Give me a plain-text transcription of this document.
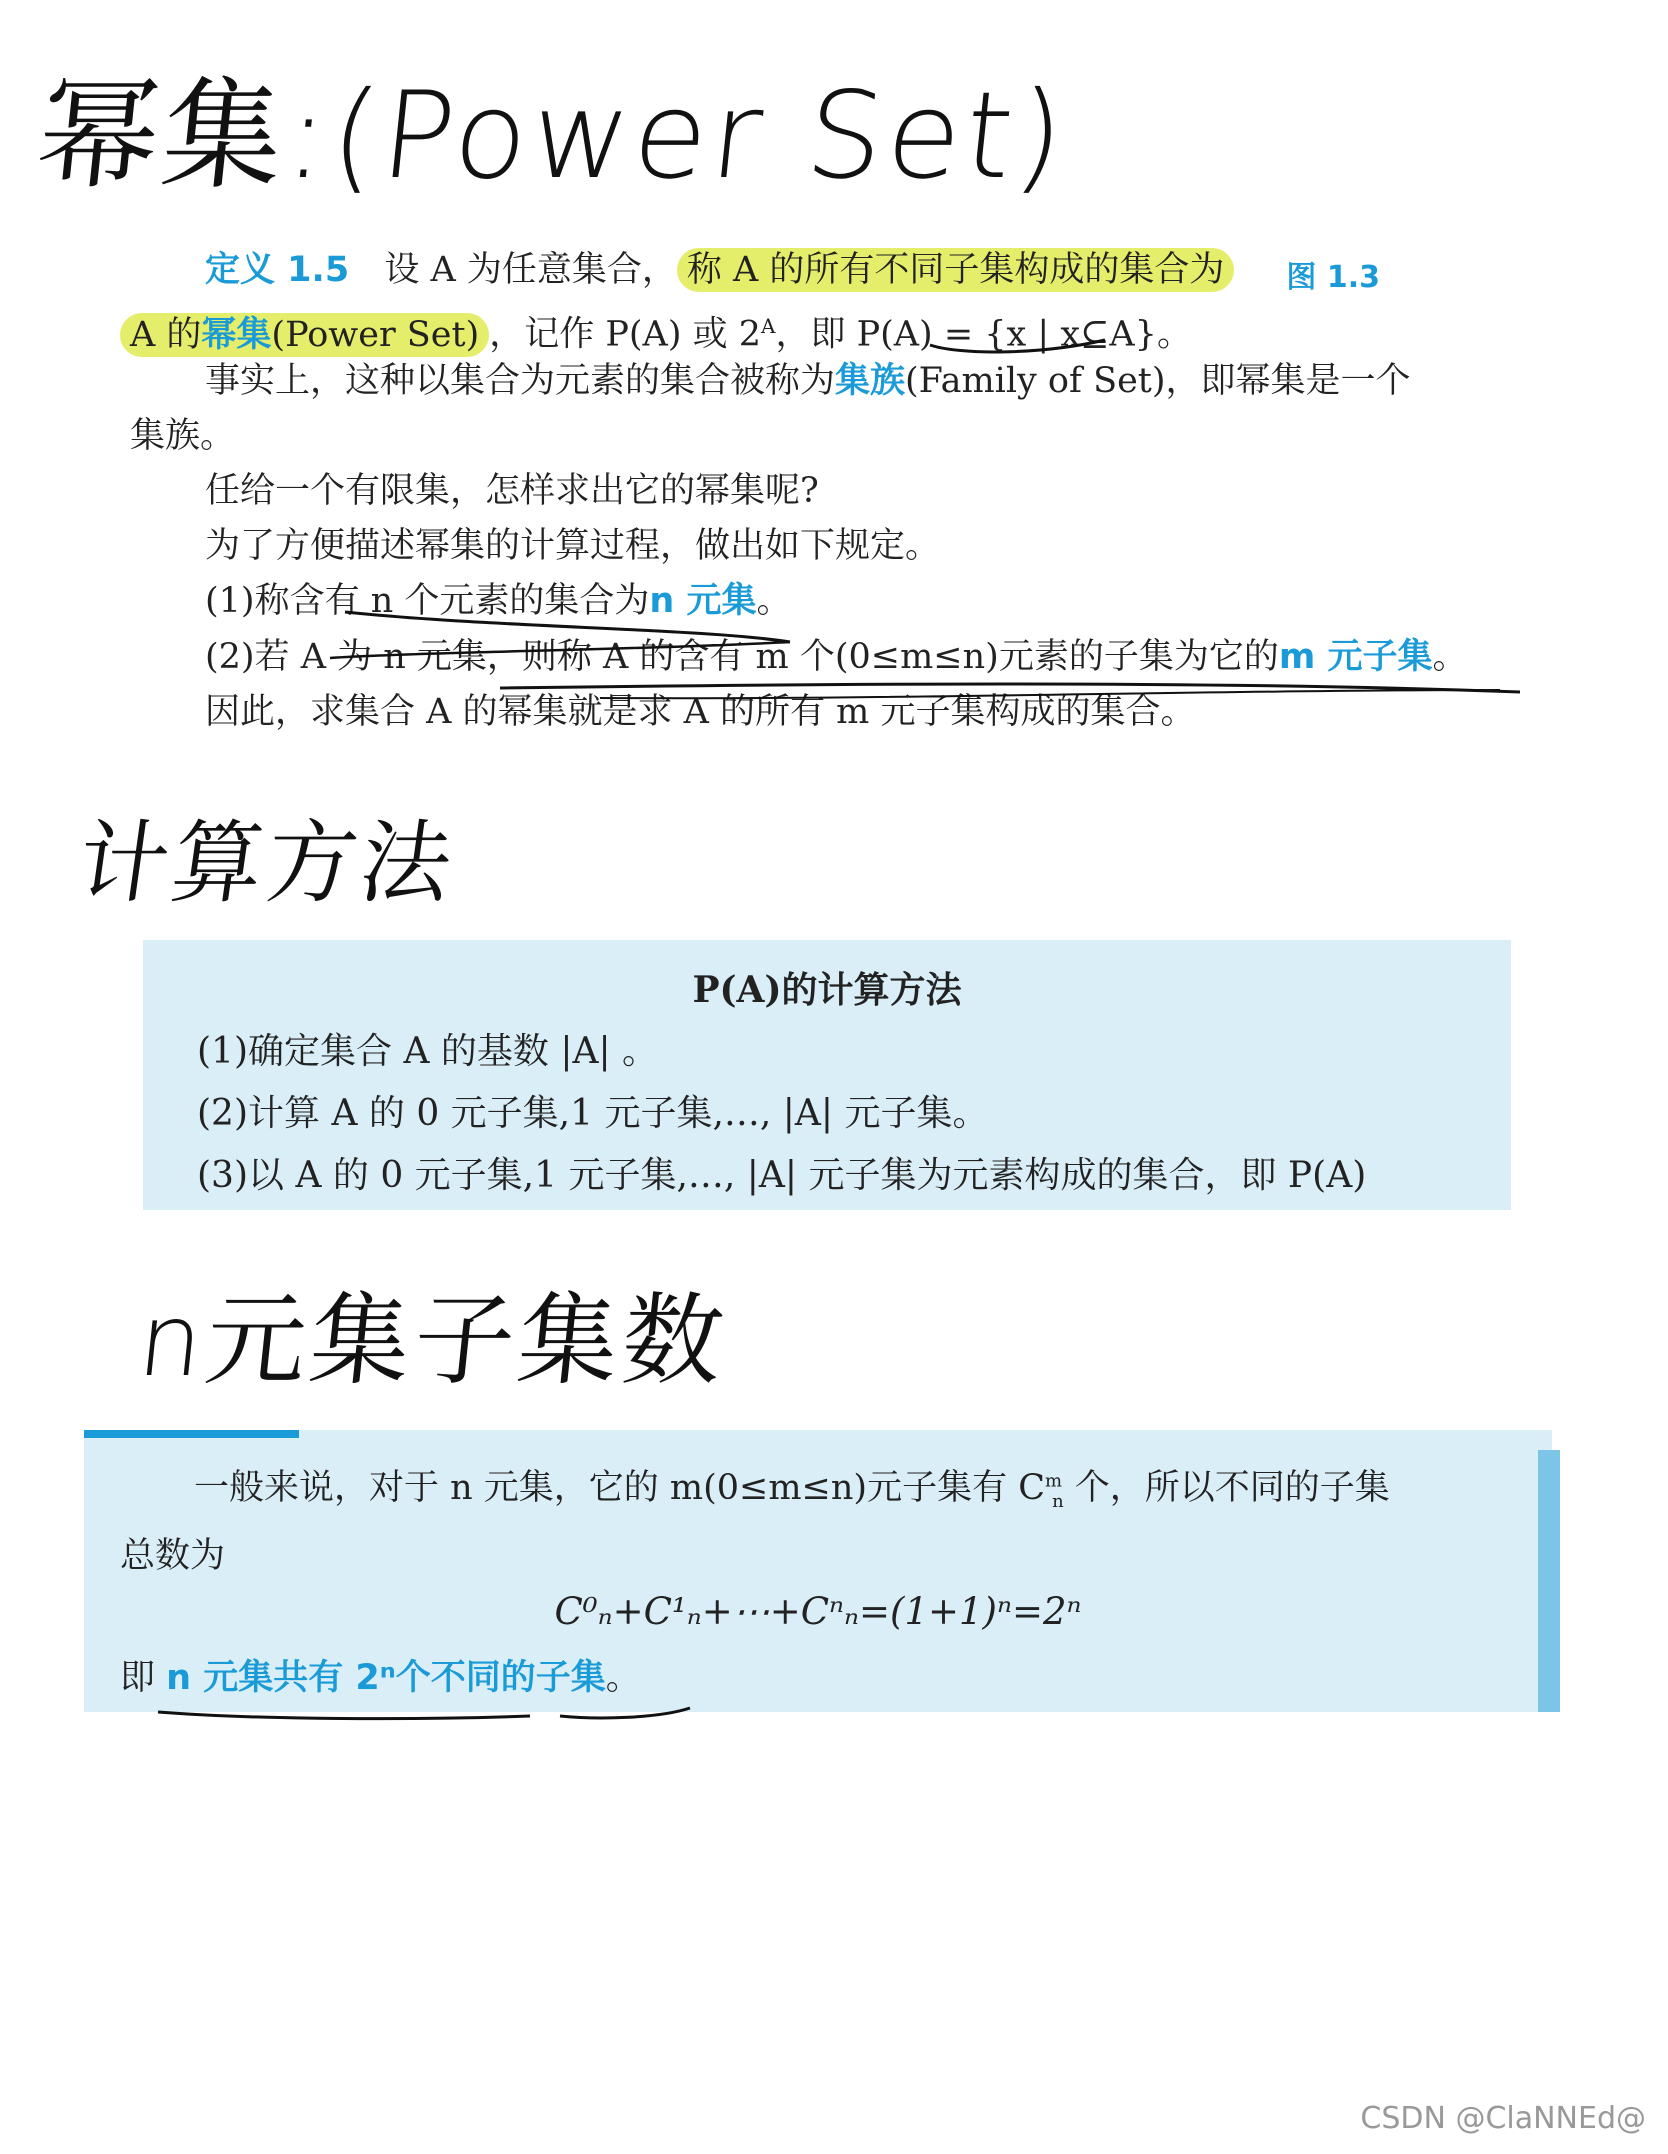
幂集:(Power Set)
计算方法
n元集子集数
图 1.3
定义 1.5 设 A 为任意集合， 称 A 的所有不同子集构成的集合为
A 的幂集(Power Set) ，记作 P(A) 或 $2^A$，即 P(A) = {x | x⊆A}。
事实上，这种以集合为元素的集合被称为集族(Family of Set)，即幂集是一个
集族。
任给一个有限集，怎样求出它的幂集呢?
为了方便描述幂集的计算过程，做出如下规定。
(1)称含有 n 个元素的集合为n 元集。
(2)若 A 为 n 元集，则称 A 的含有 m 个(0≤m≤n)元素的子集为它的m 元子集。
因此，求集合 A 的幂集就是求 A 的所有 m 元子集构成的集合。
P(A)的计算方法
(1)确定集合 A 的基数 |A| 。
(2)计算 A 的 0 元子集,1 元子集,…, |A| 元子集。
(3)以 A 的 0 元子集,1 元子集,…, |A| 元子集为元素构成的集合，即 P(A)
一般来说，对于 n 元集，它的 m(0≤m≤n)元子集有 $C^m_n$ 个，所以不同的子集
总数为
C⁰ₙ+C¹ₙ+⋯+Cⁿₙ=(1+1)ⁿ=2ⁿ
即 n 元集共有 2ⁿ个不同的子集。
CSDN @ClaNNEd@
